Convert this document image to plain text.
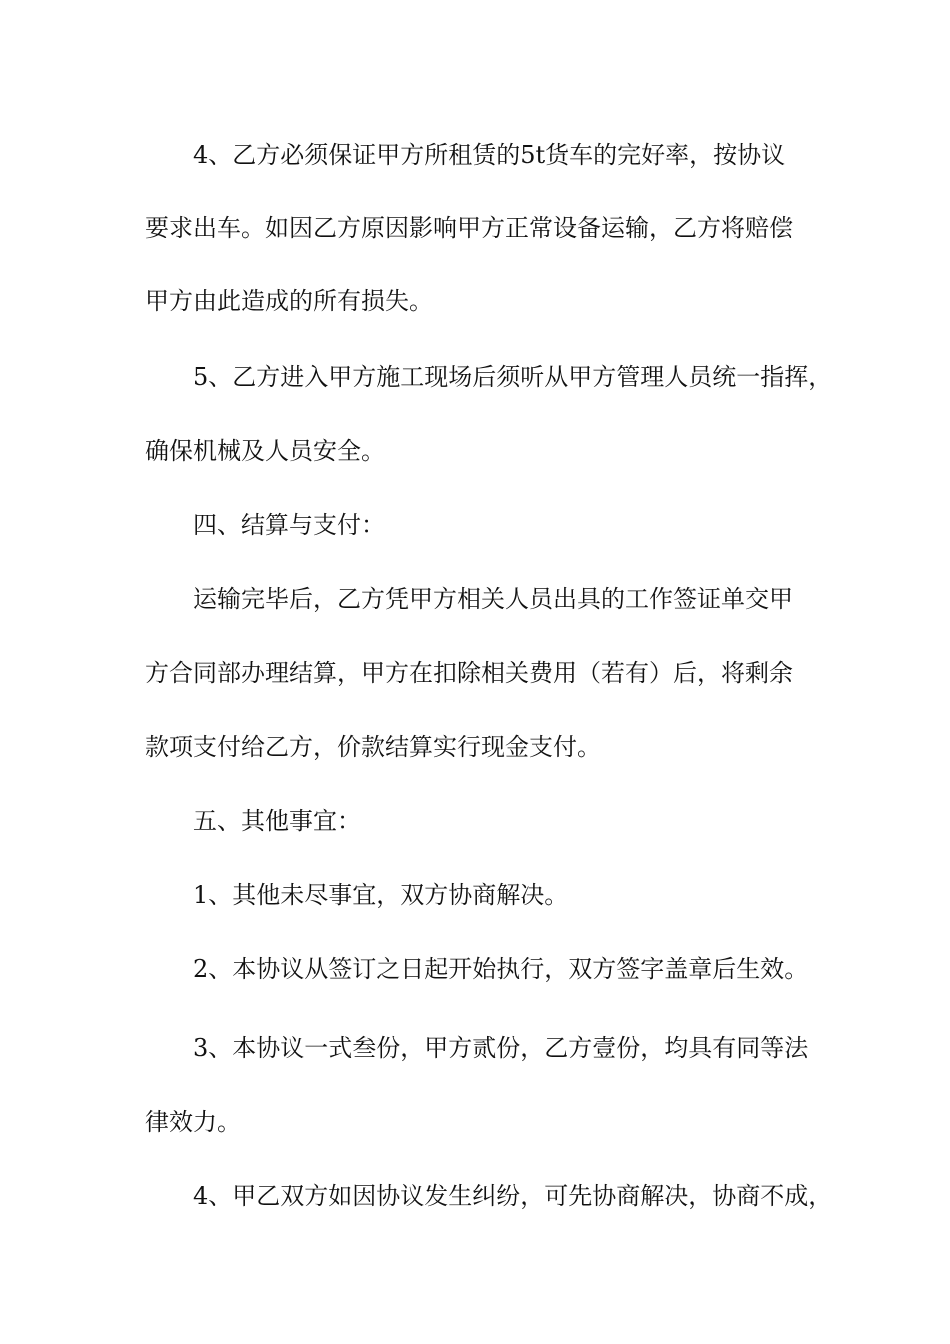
4、乙方必须保证甲方所租赁的5t货车的完好率，按协议
要求出车。如因乙方原因影响甲方正常设备运输，乙方将赔偿
甲方由此造成的所有损失。
5、乙方进入甲方施工现场后须听从甲方管理人员统一指挥，
确保机械及人员安全。
四、结算与支付：
运输完毕后，乙方凭甲方相关人员出具的工作签证单交甲
方合同部办理结算，甲方在扣除相关费用（若有）后，将剩余
款项支付给乙方，价款结算实行现金支付。
五、其他事宜：
1、其他未尽事宜，双方协商解决。
2、本协议从签订之日起开始执行，双方签字盖章后生效。
3、本协议一式叁份，甲方贰份，乙方壹份，均具有同等法
律效力。
4、甲乙双方如因协议发生纠纷，可先协商解决，协商不成，
